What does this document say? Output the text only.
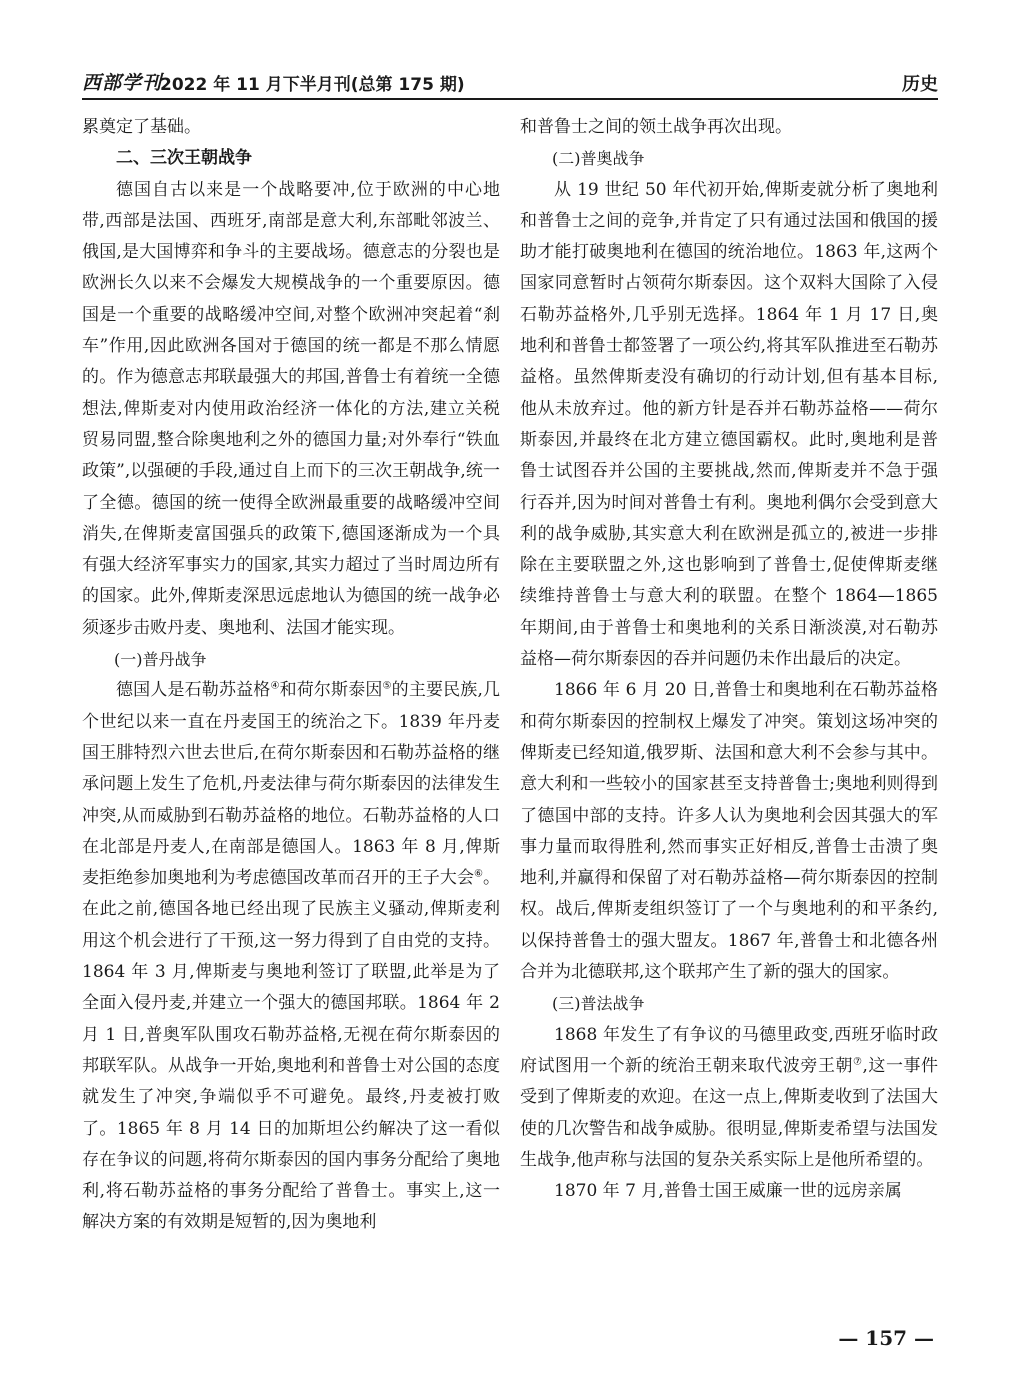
西部学刊
2022 年 11 月下半月刊(总第 175 期)	历史

累奠定了基础。

二、三次王朝战争

德国自古以来是一个战略要冲,位于欧洲的中心地带,西部是法国、西班牙,南部是意大利,东部毗邻波兰、俄国,是大国博弈和争斗的主要战场。德意志的分裂也是欧洲长久以来不会爆发大规模战争的一个重要原因。德国是一个重要的战略缓冲空间,对整个欧洲冲突起着“刹车”作用,因此欧洲各国对于德国的统一都是不那么情愿的。作为德意志邦联最强大的邦国,普鲁士有着统一全德想法,俾斯麦对内使用政治经济一体化的方法,建立关税贸易同盟,整合除奥地利之外的德国力量;对外奉行“铁血政策”,以强硬的手段,通过自上而下的三次王朝战争,统一了全德。德国的统一使得全欧洲最重要的战略缓冲空间消失,在俾斯麦富国强兵的政策下,德国逐渐成为一个具有强大经济军事实力的国家,其实力超过了当时周边所有的国家。此外,俾斯麦深思远虑地认为德国的统一战争必须逐步击败丹麦、奥地利、法国才能实现。

(一)普丹战争

德国人是石勒苏益格④和荷尔斯泰因⑤的主要民族,几个世纪以来一直在丹麦国王的统治之下。1839 年丹麦国王腓特烈六世去世后,在荷尔斯泰因和石勒苏益格的继承问题上发生了危机,丹麦法律与荷尔斯泰因的法律发生冲突,从而威胁到石勒苏益格的地位。石勒苏益格的人口在北部是丹麦人,在南部是德国人。1863 年 8 月,俾斯麦拒绝参加奥地利为考虑德国改革而召开的王子大会⑥。在此之前,德国各地已经出现了民族主义骚动,俾斯麦利用这个机会进行了干预,这一努力得到了自由党的支持。1864 年 3 月,俾斯麦与奥地利签订了联盟,此举是为了全面入侵丹麦,并建立一个强大的德国邦联。1864 年 2 月 1 日,普奥军队围攻石勒苏益格,无视在荷尔斯泰因的邦联军队。从战争一开始,奥地利和普鲁士对公国的态度就发生了冲突,争端似乎不可避免。最终,丹麦被打败了。1865 年 8 月 14 日的加斯坦公约解决了这一看似存在争议的问题,将荷尔斯泰因的国内事务分配给了奥地利,将石勒苏益格的事务分配给了普鲁士。事实上,这一解决方案的有效期是短暂的,因为奥地利

和普鲁士之间的领土战争再次出现。

(二)普奥战争

从 19 世纪 50 年代初开始,俾斯麦就分析了奥地利和普鲁士之间的竞争,并肯定了只有通过法国和俄国的援助才能打破奥地利在德国的统治地位。1863 年,这两个国家同意暂时占领荷尔斯泰因。这个双料大国除了入侵石勒苏益格外,几乎别无选择。1864 年 1 月 17 日,奥地利和普鲁士都签署了一项公约,将其军队推进至石勒苏益格。虽然俾斯麦没有确切的行动计划,但有基本目标,他从未放弃过。他的新方针是吞并石勒苏益格——荷尔斯泰因,并最终在北方建立德国霸权。此时,奥地利是普鲁士试图吞并公国的主要挑战,然而,俾斯麦并不急于强行吞并,因为时间对普鲁士有利。奥地利偶尔会受到意大利的战争威胁,其实意大利在欧洲是孤立的,被进一步排除在主要联盟之外,这也影响到了普鲁士,促使俾斯麦继续维持普鲁士与意大利的联盟。在整个 1864—1865 年期间,由于普鲁士和奥地利的关系日渐淡漠,对石勒苏益格—荷尔斯泰因的吞并问题仍未作出最后的决定。

1866 年 6 月 20 日,普鲁士和奥地利在石勒苏益格和荷尔斯泰因的控制权上爆发了冲突。策划这场冲突的俾斯麦已经知道,俄罗斯、法国和意大利不会参与其中。意大利和一些较小的国家甚至支持普鲁士;奥地利则得到了德国中部的支持。许多人认为奥地利会因其强大的军事力量而取得胜利,然而事实正好相反,普鲁士击溃了奥地利,并赢得和保留了对石勒苏益格—荷尔斯泰因的控制权。战后,俾斯麦组织签订了一个与奥地利的和平条约,以保持普鲁士的强大盟友。1867 年,普鲁士和北德各州合并为北德联邦,这个联邦产生了新的强大的国家。

(三)普法战争

1868 年发生了有争议的马德里政变,西班牙临时政府试图用一个新的统治王朝来取代波旁王朝⑦,这一事件受到了俾斯麦的欢迎。在这一点上,俾斯麦收到了法国大使的几次警告和战争威胁。很明显,俾斯麦希望与法国发生战争,他声称与法国的复杂关系实际上是他所希望的。

1870 年 7 月,普鲁士国王威廉一世的远房亲属

— 157 —
